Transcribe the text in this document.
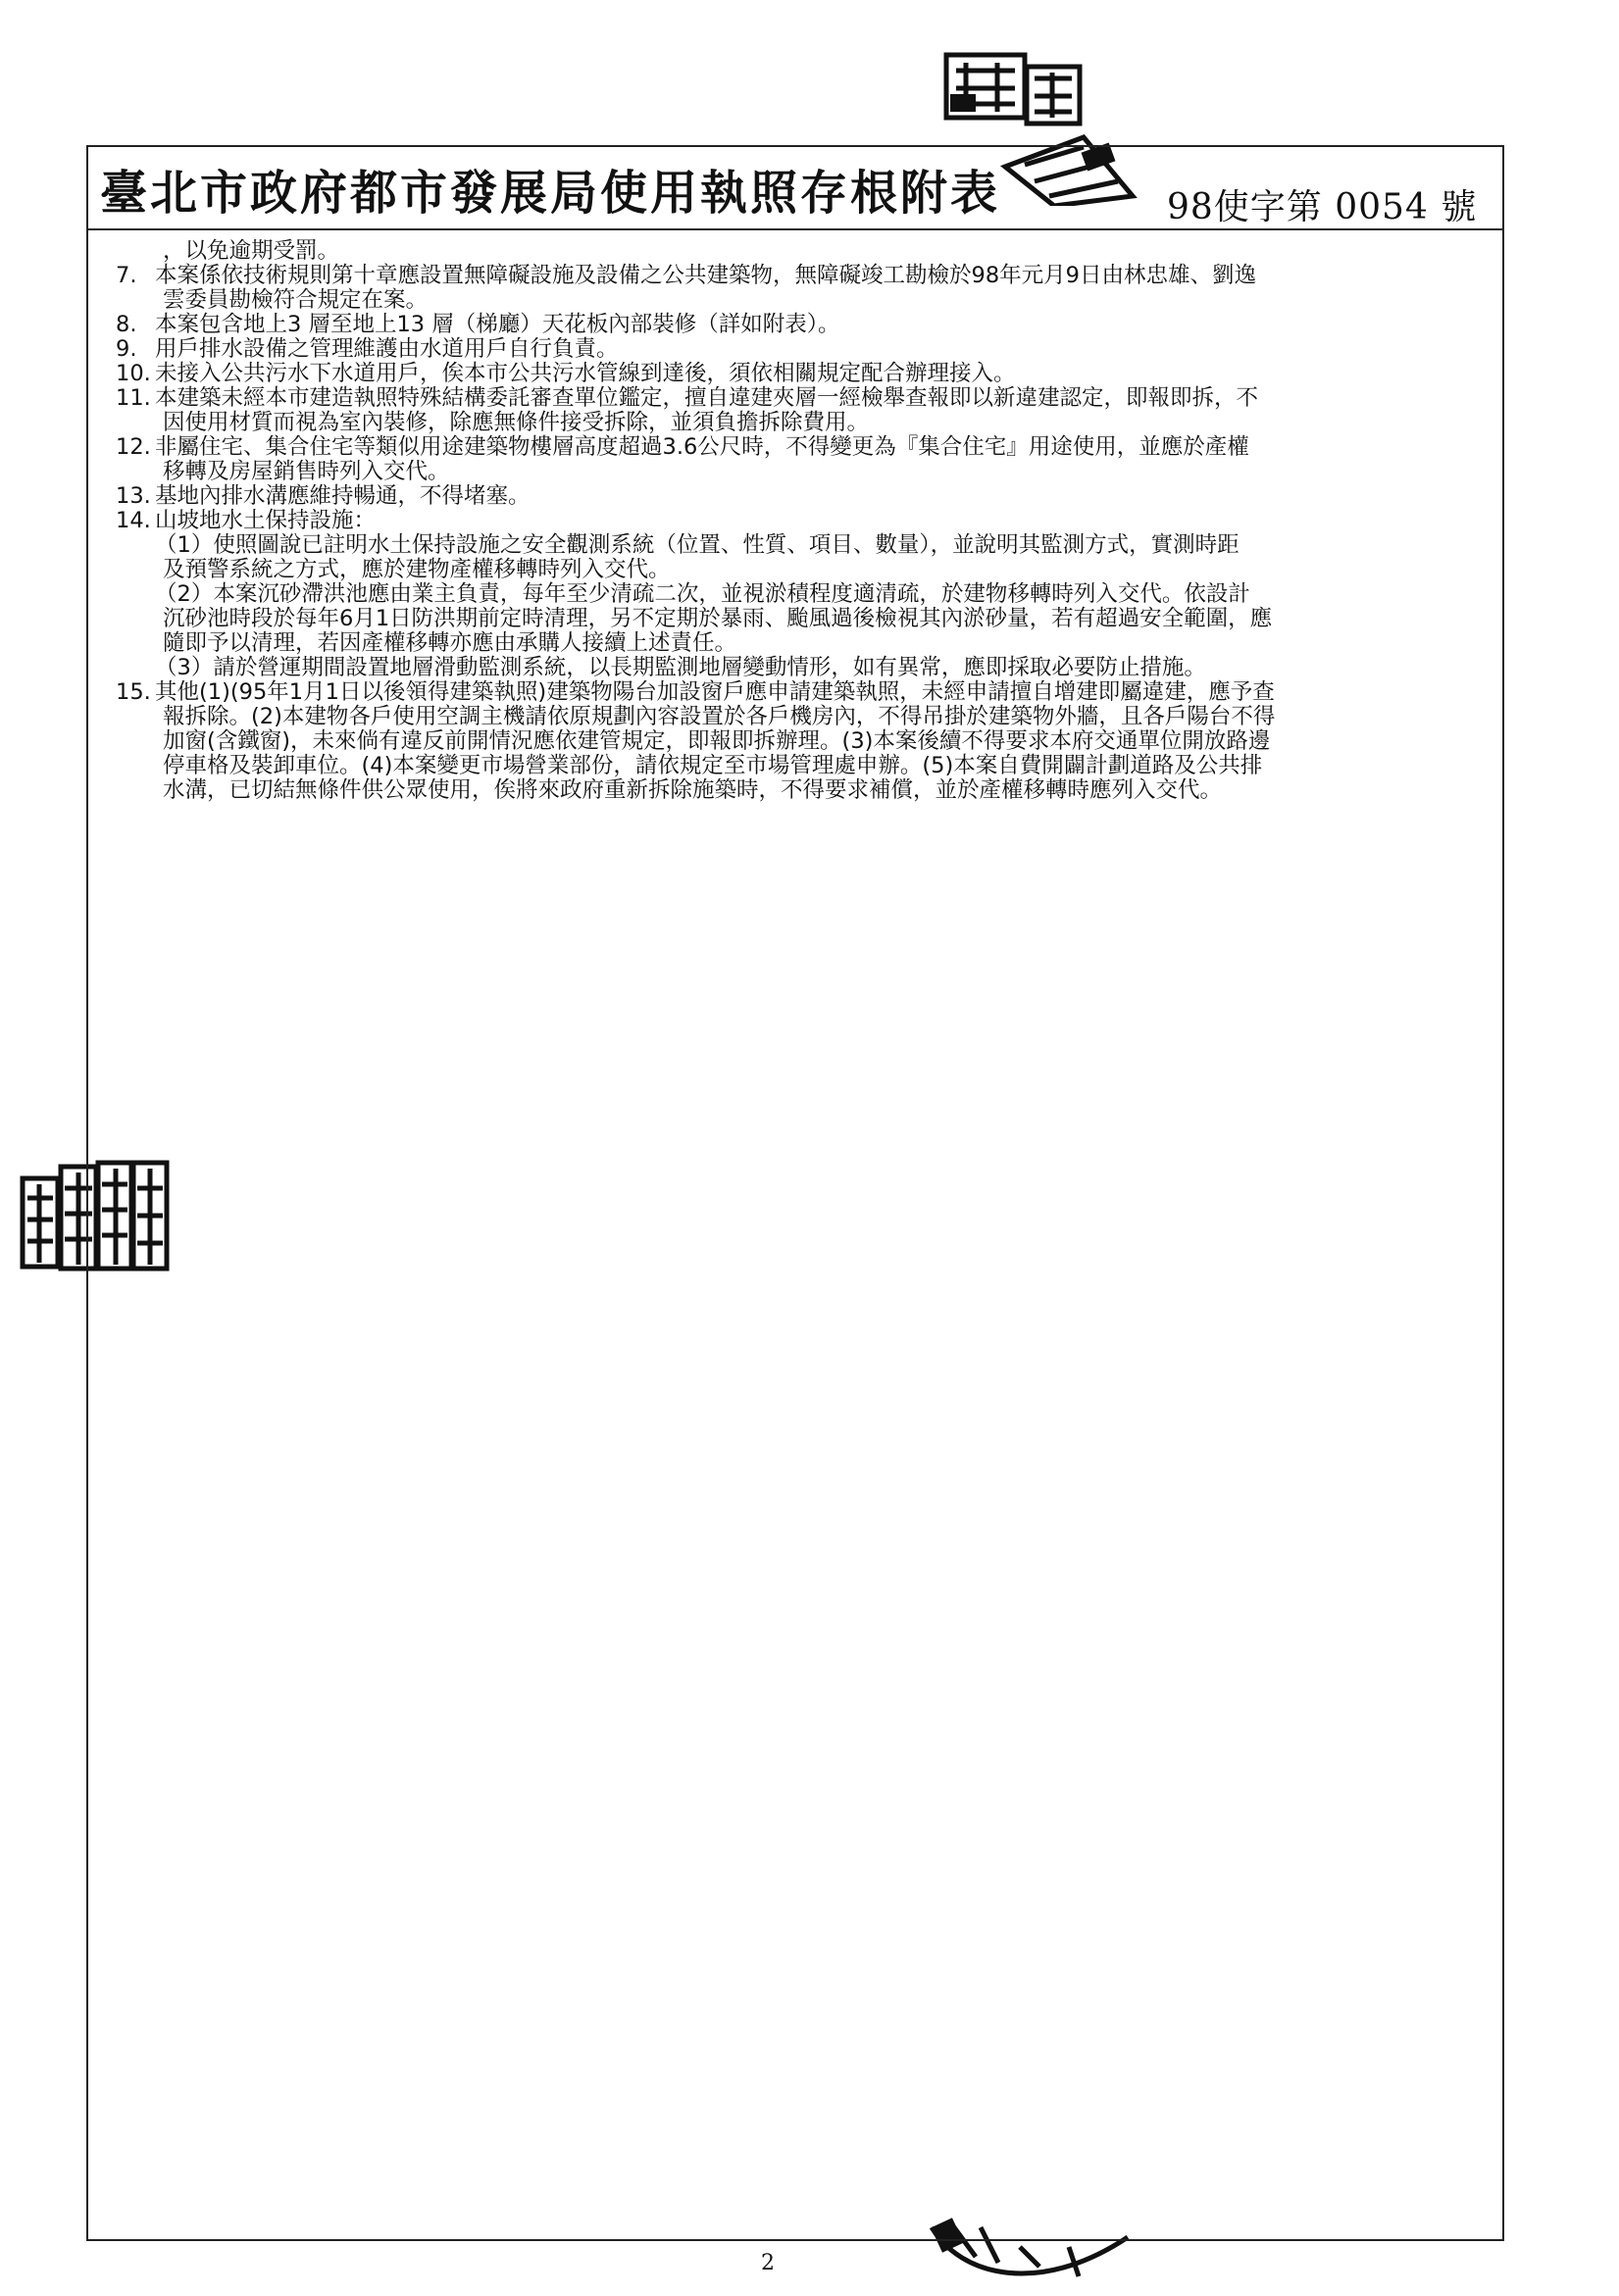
臺北市政府都市發展局使用執照存根附表	98使字第 0054 號
，以免逾期受罰。
7. 本案係依技術規則第十章應設置無障礙設施及設備之公共建築物，無障礙竣工勘檢於98年元月9日由林忠雄、劉逸
雲委員勘檢符合規定在案。
8. 本案包含地上3 層至地上13 層（梯廳）天花板內部裝修（詳如附表）。
9. 用戶排水設備之管理維護由水道用戶自行負責。
10. 未接入公共污水下水道用戶，俟本市公共污水管線到達後，須依相關規定配合辦理接入。
11. 本建築未經本市建造執照特殊結構委託審查單位鑑定，擅自違建夾層一經檢舉查報即以新違建認定，即報即拆，不
因使用材質而視為室內裝修，除應無條件接受拆除，並須負擔拆除費用。
12. 非屬住宅、集合住宅等類似用途建築物樓層高度超過3.6公尺時，不得變更為『集合住宅』用途使用，並應於產權
移轉及房屋銷售時列入交代。
13. 基地內排水溝應維持暢通，不得堵塞。
14. 山坡地水土保持設施：
（1）使照圖說已註明水土保持設施之安全觀測系統（位置、性質、項目、數量），並說明其監測方式，實測時距
及預警系統之方式，應於建物產權移轉時列入交代。
（2）本案沉砂滯洪池應由業主負責，每年至少清疏二次，並視淤積程度適清疏，於建物移轉時列入交代。依設計
沉砂池時段於每年6月1日防洪期前定時清理，另不定期於暴雨、颱風過後檢視其內淤砂量，若有超過安全範圍，應
隨即予以清理，若因產權移轉亦應由承購人接續上述責任。
（3）請於營運期間設置地層滑動監測系統，以長期監測地層變動情形，如有異常，應即採取必要防止措施。
15. 其他(1)(95年1月1日以後領得建築執照)建築物陽台加設窗戶應申請建築執照，未經申請擅自增建即屬違建，應予查
報拆除。(2)本建物各戶使用空調主機請依原規劃內容設置於各戶機房內，不得吊掛於建築物外牆，且各戶陽台不得
加窗(含鐵窗)，未來倘有違反前開情況應依建管規定，即報即拆辦理。(3)本案後續不得要求本府交通單位開放路邊
停車格及裝卸車位。(4)本案變更市場營業部份，請依規定至市場管理處申辦。(5)本案自費開闢計劃道路及公共排
水溝，已切結無條件供公眾使用，俟將來政府重新拆除施築時，不得要求補償，並於產權移轉時應列入交代。
2
